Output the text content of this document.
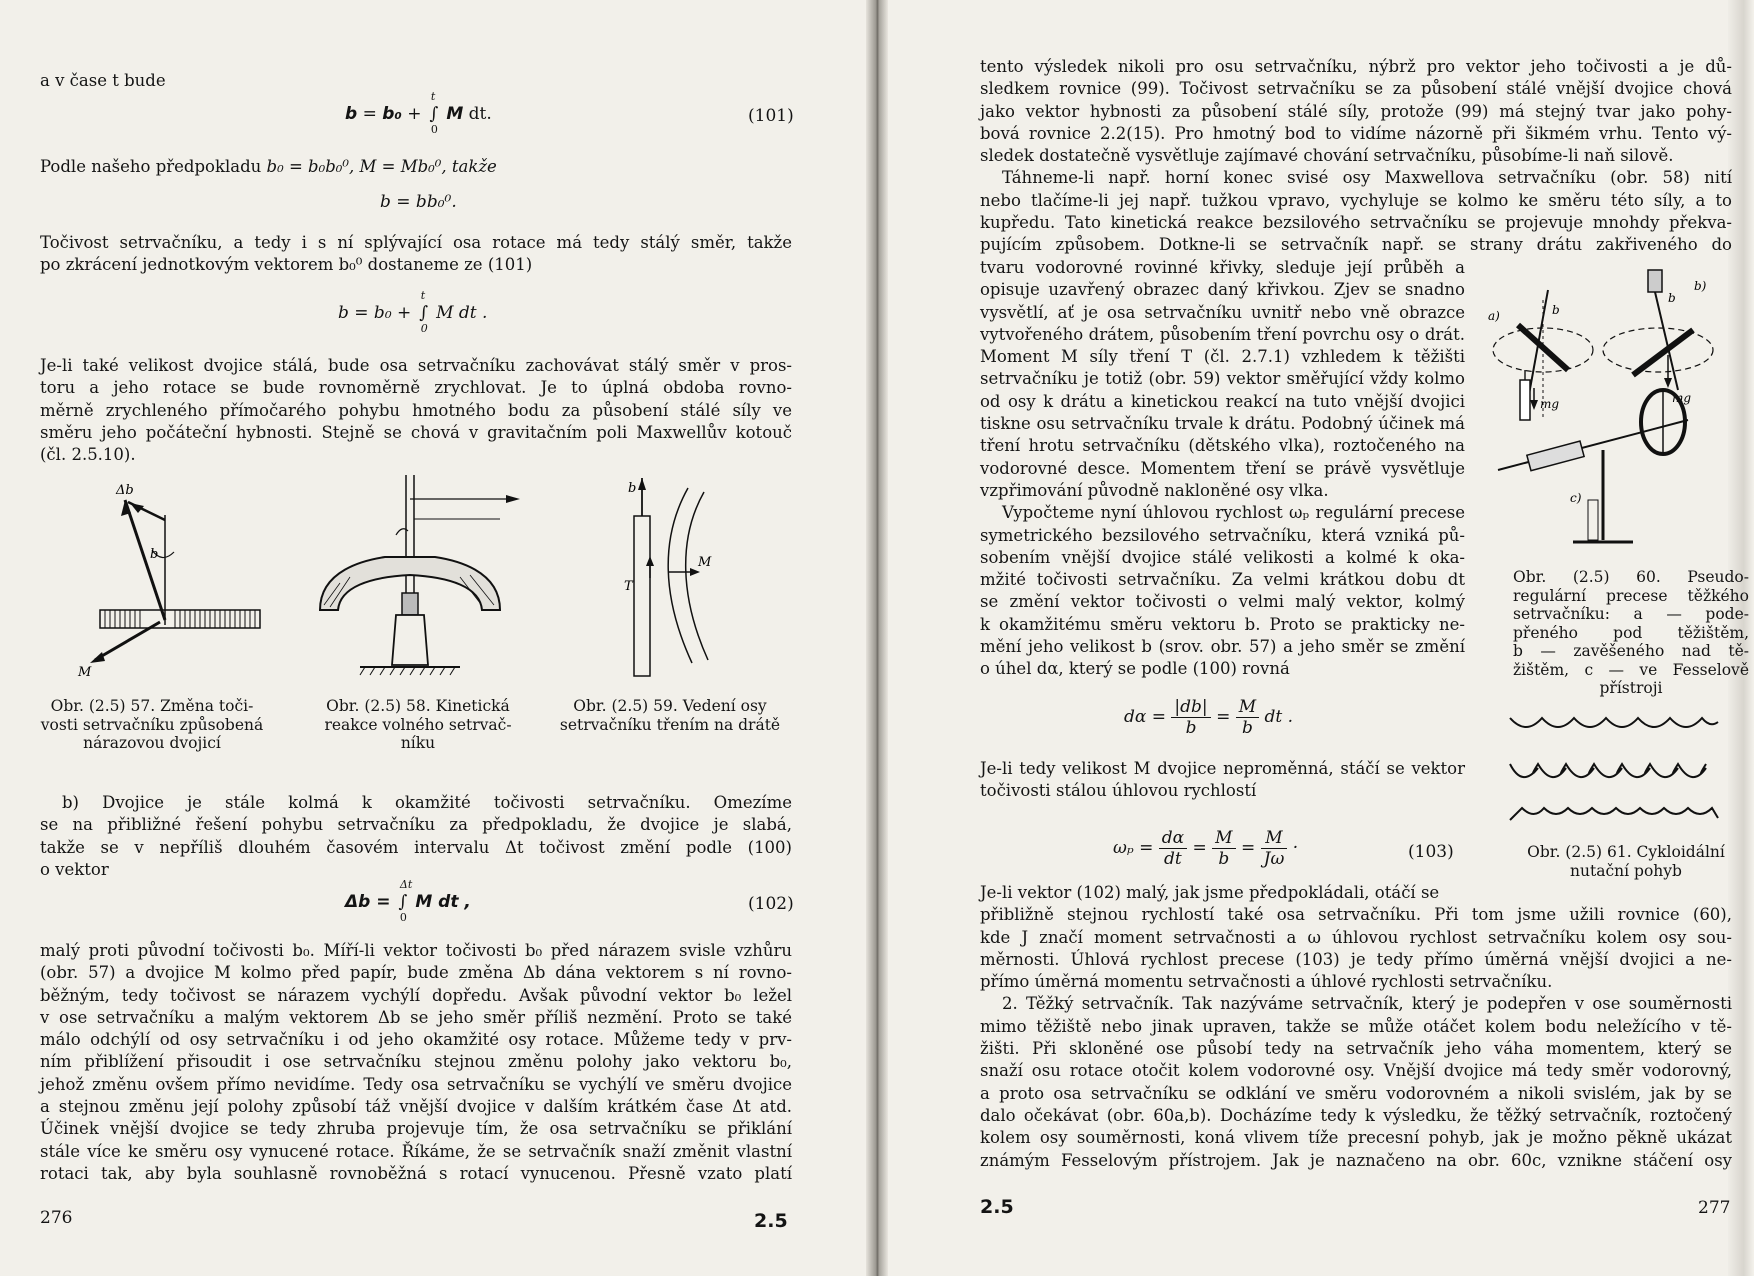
a v čase t bude

b = b₀ + ∫
t
0
M dt.	(101)

Podle našeho předpokladu b₀ = b₀b₀⁰, M = Mb₀⁰, takže

b = bb₀⁰.
Točivost setrvačníku, a tedy i s ní splývající osa rotace má tedy stálý směr, takže
po zkrácení jednotkovým vektorem b₀⁰ dostaneme ze (101)
b = b₀ + ∫
t
0
M dt .
Je-li také velikost dvojice stálá, bude osa setrvačníku zachovávat stálý směr v pros-
toru a jeho rotace se bude rovnoměrně zrychlovat. Je to úplná obdoba rovno-
měrně zrychleného přímočarého pohybu hmotného bodu za působení stálé síly ve
směru jeho počáteční hybnosti. Stejně se chová v gravitačním poli Maxwellův kotouč
(čl. 2.5.10).
Δb
b
M
Obr. (2.5) 57. Změna toči-
vosti setrvačníku způsobená
nárazovou dvojicí
Obr. (2.5) 58. Kinetická
reakce volného setrvač-
níku
b
T
M
Obr. (2.5) 59. Vedení osy
setrvačníku třením na drátě
b) Dvojice je stále kolmá k okamžité točivosti setrvačníku. Omezíme
se na přibližné řešení pohybu setrvačníku za předpokladu, že dvojice je slabá,
takže se v nepříliš dlouhém časovém intervalu Δt točivost změní podle (100)
o vektor
Δb = ∫
Δt
0
M dt ,	(102)
malý proti původní točivosti b₀. Míří-li vektor točivosti b₀ před nárazem svisle vzhůru
(obr. 57) a dvojice M kolmo před papír, bude změna Δb dána vektorem s ní rovno-
běžným, tedy točivost se nárazem vychýlí dopředu. Avšak původní vektor b₀ ležel
v ose setrvačníku a malým vektorem Δb se jeho směr příliš nezmění. Proto se také
málo odchýlí od osy setrvačníku i od jeho okamžité osy rotace. Můžeme tedy v prv-
ním přiblížení přisoudit i ose setrvačníku stejnou změnu polohy jako vektoru b₀,
jehož změnu ovšem přímo nevidíme. Tedy osa setrvačníku se vychýlí ve směru dvojice
a stejnou změnu její polohy způsobí táž vnější dvojice v dalším krátkém čase Δt atd.
Účinek vnější dvojice se tedy zhruba projevuje tím, že osa setrvačníku se přiklání
stále více ke směru osy vynucené rotace. Říkáme, že se setrvačník snaží změnit vlastní
rotaci tak, aby byla souhlasně rovnoběžná s rotací vynucenou. Přesně vzato platí
276	2.5
tento výsledek nikoli pro osu setrvačníku, nýbrž pro vektor jeho točivosti a je dů-
sledkem rovnice (99). Točivost setrvačníku se za působení stálé vnější dvojice chová
jako vektor hybnosti za působení stálé síly, protože (99) má stejný tvar jako pohy-
bová rovnice 2.2(15). Pro hmotný bod to vidíme názorně při šikmém vrhu. Tento vý-
sledek dostatečně vysvětluje zajímavé chování setrvačníku, působíme-li naň silově.
Táhneme-li např. horní konec svisé osy Maxwellova setrvačníku (obr. 58) nití
nebo tlačíme-li jej např. tužkou vpravo, vychyluje se kolmo ke směru této síly, a to
kupředu. Tato kinetická reakce bezsilového setrvačníku se projevuje mnohdy překva-
pujícím způsobem. Dotkne-li se setrvačník např. se strany drátu zakřiveného do
tvaru vodorovné rovinné křivky, sleduje její průběh a
opisuje uzavřený obrazec daný křivkou. Zjev se snadno
vysvětlí, ať je osa setrvačníku uvnitř nebo vně obrazce
vytvořeného drátem, působením tření povrchu osy o drát.
Moment M síly tření T (čl. 2.7.1) vzhledem k těžišti
setrvačníku je totiž (obr. 59) vektor směřující vždy kolmo
od osy k drátu a kinetickou reakcí na tuto vnější dvojici
tiskne osu setrvačníku trvale k drátu. Podobný účinek má
tření hrotu setrvačníku (dětského vlka), roztočeného na
vodorovné desce. Momentem tření se právě vysvětluje
vzpřimování původně nakloněné osy vlka.
Vypočteme nyní úhlovou rychlost ωₚ regulární precese
symetrického bezsilového setrvačníku, která vzniká pů-
sobením vnější dvojice stálé velikosti a kolmé k oka-
mžité točivosti setrvačníku. Za velmi krátkou dobu dt
se změní vektor točivosti o velmi malý vektor, kolmý
k okamžitému směru vektoru b. Proto se prakticky ne-
mění jeho velikost b (srov. obr. 57) a jeho směr se změní
o úhel dα, který se podle (100) rovná
a)	b
mg
b)
b
mg
c)
Obr. (2.5) 60. Pseudo-
regulární precese těžkého
setrvačníku: a — pode-
přeného pod těžištěm,
b — zavěšeného nad tě-
žištěm, c — ve Fesselově
přístroji
$d\alpha = \frac{|db|}{b} = \frac{M}{b}$ dt .
Obr. (2.5) 61. Cykloidální
nutační pohyb
Je-li tedy velikost M dvojice neproměnná, stáčí se vektor
točivosti stálou úhlovou rychlostí
$\omega_p = \frac{d\alpha}{dt} = \frac{M}{b} = \frac{M}{J\omega}$ ·	(103)
Je-li vektor (102) malý, jak jsme předpokládali, otáčí se
přibližně stejnou rychlostí také osa setrvačníku. Při tom jsme užili rovnice (60),
kde J značí moment setrvačnosti a ω úhlovou rychlost setrvačníku kolem osy sou-
měrnosti. Úhlová rychlost precese (103) je tedy přímo úměrná vnější dvojici a ne-
přímo úměrná momentu setrvačnosti a úhlové rychlosti setrvačníku.
2. Těžký setrvačník. Tak nazýváme setrvačník, který je podepřen v ose souměrnosti
mimo těžiště nebo jinak upraven, takže se může otáčet kolem bodu neležícího v tě-
žišti. Při skloněné ose působí tedy na setrvačník jeho váha momentem, který se
snaží osu rotace otočit kolem vodorovné osy. Vnější dvojice má tedy směr vodorovný,
a proto osa setrvačníku se odklání ve směru vodorovném a nikoli svislém, jak by se
dalo očekávat (obr. 60a,b). Docházíme tedy k výsledku, že těžký setrvačník, roztočený
kolem osy souměrnosti, koná vlivem tíže precesní pohyb, jak je možno pěkně ukázat
známým Fesselovým přístrojem. Jak je naznačeno na obr. 60c, vznikne stáčení osy
2.5	277
